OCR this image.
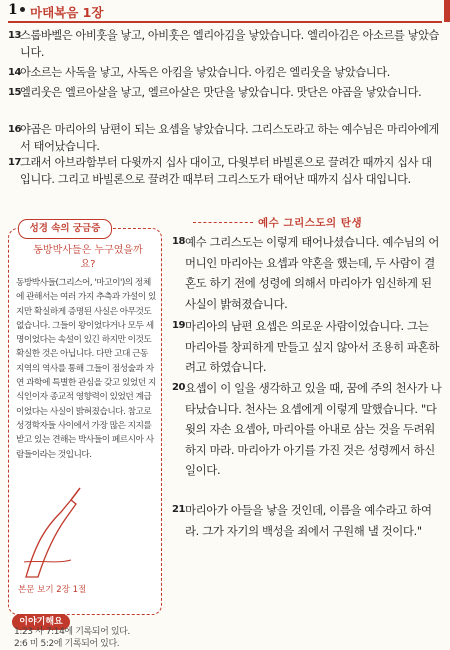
1 마태복음 1장
13 스룹바벨은 아비훗을 낳고, 아비훗은 엘리아김을 낳았습니다. 엘리아김은 아소르를 낳았습니다.
14 아소르는 사독을 낳고, 사독은 아킴을 낳았습니다. 아킴은 엘리웃을 낳았습니다.
15 엘리웃은 엘르아살을 낳고, 엘르아살은 맛단을 낳았습니다. 맛단은 야곱을 낳았습니다.
16 야곱은 마리아의 남편이 되는 요셉을 낳았습니다. 그리스도라고 하는 예수님은 마리아에게서 태어났습니다.
17 그래서 아브라함부터 다윗까지 십사 대이고, 다윗부터 바빌론으로 끌려간 때까지 십사 대입니다. 그리고 바빌론으로 끌려간 때부터 그리스도가 태어난 때까지 십사 대입니다.
예수 그리스도의 탄생
성경 속의 궁금증
동방박사들은 누구였을까요?
동방박사들(그리스어, '마고이')의 정체에 관해서는 여러 가지 추측과 가설이 있지만 확실하게 증명된 사실은 아무것도 없습니다. 그들이 왕이었다거나 모두 세 명이었다는 속설이 있긴 하지만 이것도 확실한 것은 아닙니다. 다만 고대 근동 지역의 역사를 통해 그들이 점성술과 자연 과학에 특별한 관심을 갖고 있었던 지식인이자 종교적 영향력이 있었던 계급이었다는 사실이 밝혀졌습니다. 참고로 성경학자들 사이에서 가장 많은 지지를 받고 있는 견해는 박사들이 페르시아 사람들이라는 것입니다.
본문 보기 2장 1절
이야기해요
1:23 사 7:14에 기록되어 있다.
2:6 미 5:2에 기록되어 있다.
18 예수 그리스도는 이렇게 태어나셨습니다. 예수님의 어머니인 마리아는 요셉과 약혼을 했는데, 두 사람이 결혼도 하기 전에 성령에 의해서 마리아가 임신하게 된 사실이 밝혀졌습니다.
19 마리아의 남편 요셉은 의로운 사람이었습니다. 그는 마리아를 창피하게 만들고 싶지 않아서 조용히 파혼하려고 하였습니다.
20 요셉이 이 일을 생각하고 있을 때, 꿈에 주의 천사가 나타났습니다. 천사는 요셉에게 이렇게 말했습니다. "다윗의 자손 요셉아, 마리아를 아내로 삼는 것을 두려워하지 마라. 마리아가 아기를 가진 것은 성령께서 하신 일이다.
21 마리아가 아들을 낳을 것인데, 이름을 예수라고 하여라. 그가 자기의 백성을 죄에서 구원해 낼 것이다."
